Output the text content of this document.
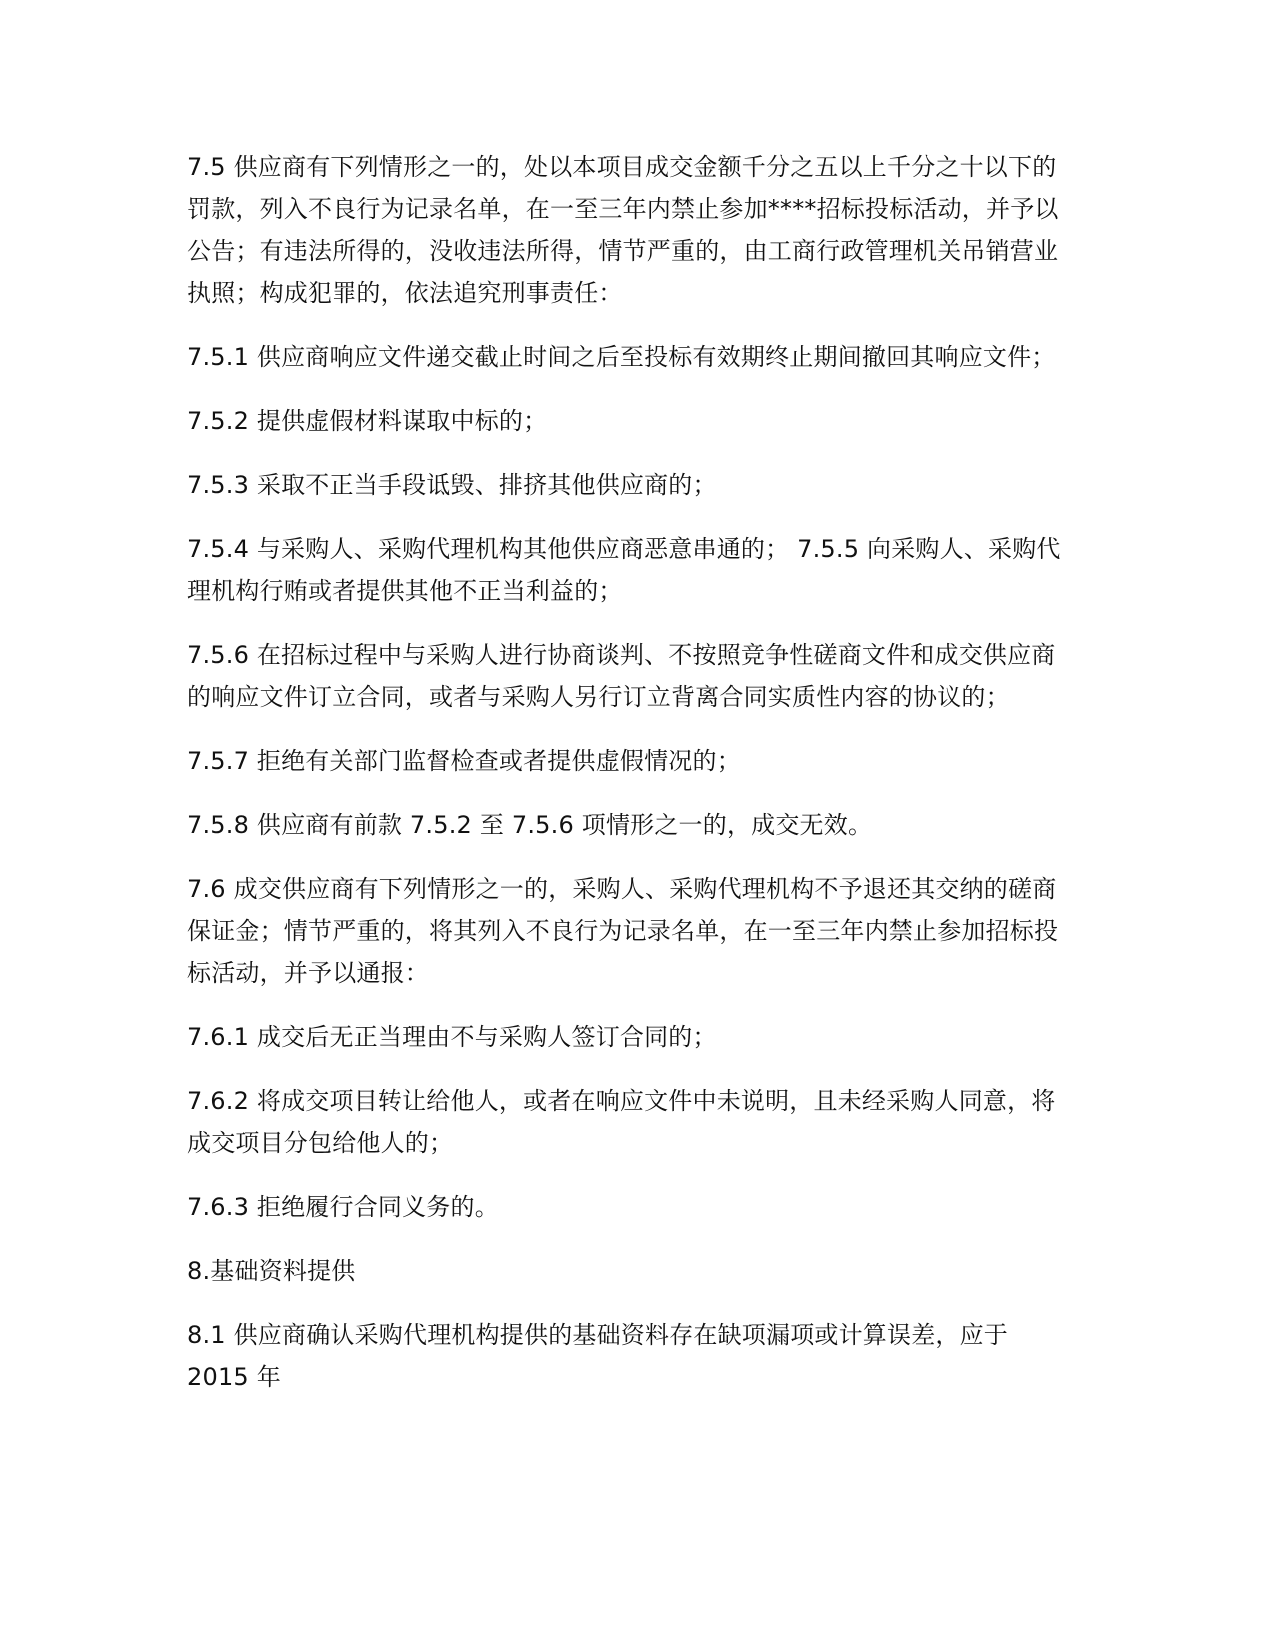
7.5 供应商有下列情形之一的，处以本项目成交金额千分之五以上千分之十以下的
罚款，列入不良行为记录名单，在一至三年内禁止参加****招标投标活动，并予以
公告；有违法所得的，没收违法所得，情节严重的，由工商行政管理机关吊销营业
执照；构成犯罪的，依法追究刑事责任：

7.5.1 供应商响应文件递交截止时间之后至投标有效期终止期间撤回其响应文件；

7.5.2 提供虚假材料谋取中标的；

7.5.3 采取不正当手段诋毁、排挤其他供应商的；

7.5.4 与采购人、采购代理机构其他供应商恶意串通的； 7.5.5 向采购人、采购代
理机构行贿或者提供其他不正当利益的；

7.5.6 在招标过程中与采购人进行协商谈判、不按照竞争性磋商文件和成交供应商
的响应文件订立合同，或者与采购人另行订立背离合同实质性内容的协议的；

7.5.7 拒绝有关部门监督检查或者提供虚假情况的；

7.5.8 供应商有前款 7.5.2 至 7.5.6 项情形之一的，成交无效。

7.6 成交供应商有下列情形之一的，采购人、采购代理机构不予退还其交纳的磋商
保证金；情节严重的，将其列入不良行为记录名单，在一至三年内禁止参加招标投
标活动，并予以通报：

7.6.1 成交后无正当理由不与采购人签订合同的；

7.6.2 将成交项目转让给他人，或者在响应文件中未说明，且未经采购人同意，将
成交项目分包给他人的；

7.6.3 拒绝履行合同义务的。

8.基础资料提供

8.1 供应商确认采购代理机构提供的基础资料存在缺项漏项或计算误差，应于
2015 年
